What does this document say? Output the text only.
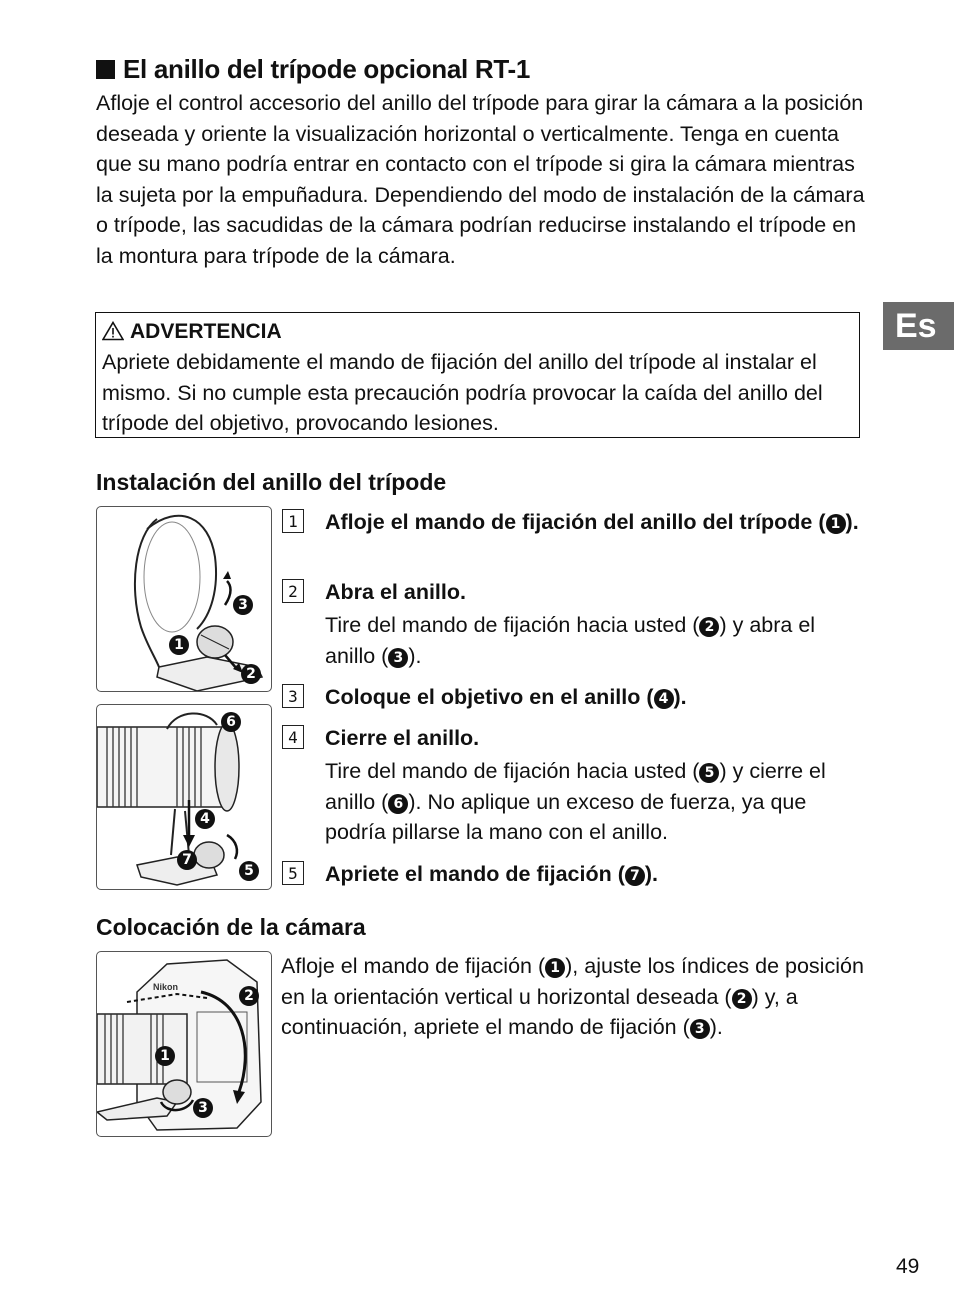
El anillo del trípode opcional RT-1
Afloje el control accesorio del anillo del trípode para girar la cámara a la posición deseada y oriente la visualización horizontal o verticalmente. Tenga en cuenta que su mano podría entrar en contacto con el trípode si gira la cámara mientras la sujeta por la empuñadura. Dependiendo del modo de instalación de la cámara o trípode, las sacudidas de la cámara podrían reducirse instalando el trípode en la montura para trípode de la cámara.
Es
ADVERTENCIA
Apriete debidamente el mando de fijación del anillo del trípode al instalar el mismo. Si no cumple esta precaución podría provocar la caída del anillo del trípode del objetivo, provocando lesiones.
Instalación del anillo del trípode
3
1
2
6
4
7
5
1 Afloje el mando de fijación del anillo del trípode ( 1 ).
2 Abra el anillo.
Tire del mando de fijación hacia usted ( 2 ) y abra el anillo ( 3 ).
3 Coloque el objetivo en el anillo ( 4 ).
4 Cierre el anillo.
Tire del mando de fijación hacia usted ( 5 ) y cierre el anillo ( 6 ). No aplique un exceso de fuerza, ya que podría pillarse la mano con el anillo.
5 Apriete el mando de fijación ( 7 ).
Colocación de la cámara
Nikon
2
1
3
Afloje el mando de fijación ( 1 ), ajuste los índices de posición en la orientación vertical u horizontal deseada ( 2 ) y, a continuación, apriete el mando de fijación ( 3 ).
49
